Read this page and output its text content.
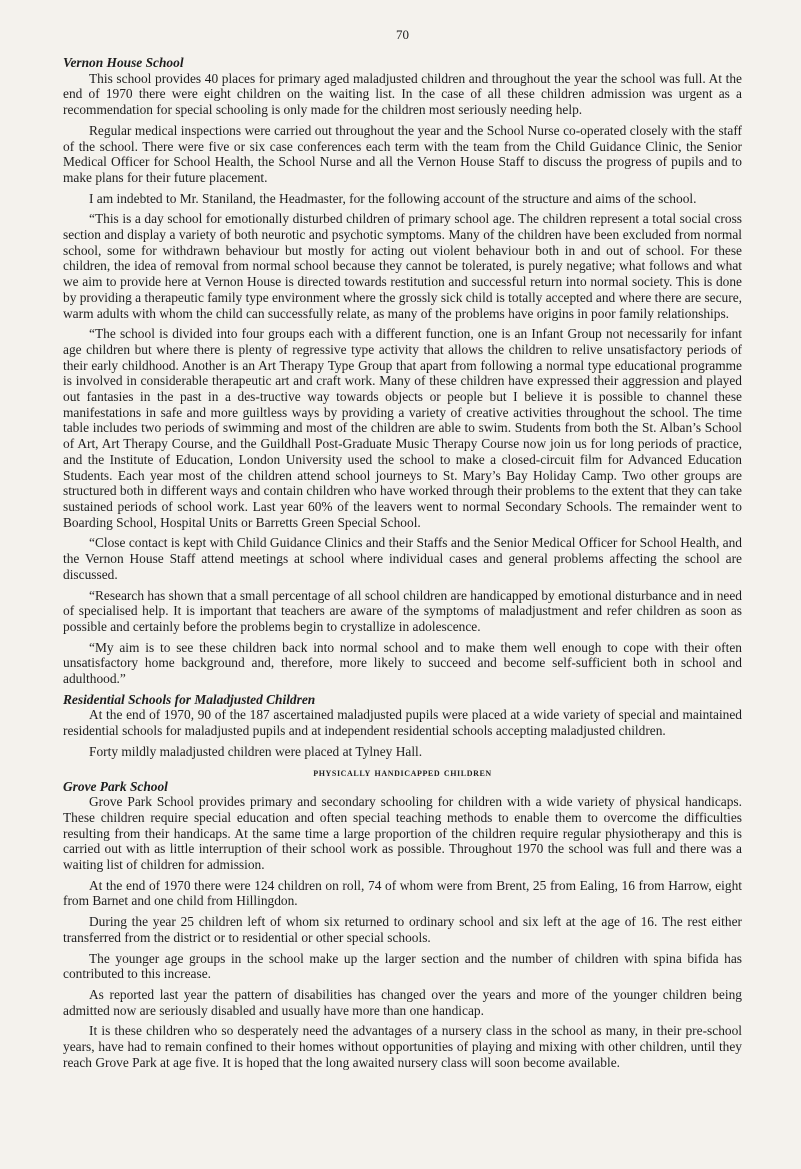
70
Vernon House School

This school provides 40 places for primary aged maladjusted children and throughout the year the school was full. At the end of 1970 there were eight children on the waiting list. In the case of all these children admission was urgent as a recommendation for special schooling is only made for the children most seriously needing help.

Regular medical inspections were carried out throughout the year and the School Nurse co-operated closely with the staff of the school. There were five or six case conferences each term with the team from the Child Guidance Clinic, the Senior Medical Officer for School Health, the School Nurse and all the Vernon House Staff to discuss the progress of pupils and to make plans for their future placement.

I am indebted to Mr. Staniland, the Headmaster, for the following account of the structure and aims of the school.

“This is a day school for emotionally disturbed children of primary school age. The children represent a total social cross section and display a variety of both neurotic and psychotic symptoms. Many of the children have been excluded from normal school, some for withdrawn behaviour but mostly for acting out violent behaviour both in and out of school. For these children, the idea of removal from normal school because they cannot be tolerated, is purely negative; what follows and what we aim to provide here at Vernon House is directed towards restitution and successful return into normal society. This is done by providing a therapeutic family type environment where the grossly sick child is totally accepted and where there are secure, warm adults with whom the child can successfully relate, as many of the problems have origins in poor family relationships.

“The school is divided into four groups each with a different function, one is an Infant Group not necessarily for infant age children but where there is plenty of regressive type activity that allows the children to relive unsatisfactory periods of their early childhood. Another is an Art Therapy Type Group that apart from following a normal type educational programme is involved in considerable therapeutic art and craft work. Many of these children have expressed their aggression and played out fantasies in the past in a des-tructive way towards objects or people but I believe it is possible to channel these manifestations in safe and more guiltless ways by providing a variety of creative activities throughout the school. The time table includes two periods of swimming and most of the children are able to swim. Students from both the St. Alban’s School of Art, Art Therapy Course, and the Guildhall Post-Graduate Music Therapy Course now join us for long periods of practice, and the Institute of Education, London University used the school to make a closed-circuit film for Advanced Education Students. Each year most of the children attend school journeys to St. Mary’s Bay Holiday Camp. Two other groups are structured both in different ways and contain children who have worked through their problems to the extent that they can take sustained periods of school work. Last year 60% of the leavers went to normal Secondary Schools. The remainder went to Boarding School, Hospital Units or Barretts Green Special School.

“Close contact is kept with Child Guidance Clinics and their Staffs and the Senior Medical Officer for School Health, and the Vernon House Staff attend meetings at school where individual cases and general problems affecting the school are discussed.

“Research has shown that a small percentage of all school children are handicapped by emotional disturbance and in need of specialised help. It is important that teachers are aware of the symptoms of maladjustment and refer children as soon as possible and certainly before the problems begin to crystallize in adolescence.

“My aim is to see these children back into normal school and to make them well enough to cope with their often unsatisfactory home background and, therefore, more likely to succeed and become self-sufficient both in school and adulthood.”

Residential Schools for Maladjusted Children

At the end of 1970, 90 of the 187 ascertained maladjusted pupils were placed at a wide variety of special and maintained residential schools for maladjusted pupils and at independent residential schools accepting maladjusted children.

Forty mildly maladjusted children were placed at Tylney Hall.

physically handicapped children
Grove Park School

Grove Park School provides primary and secondary schooling for children with a wide variety of physical handicaps. These children require special education and often special teaching methods to enable them to overcome the difficulties resulting from their handicaps. At the same time a large proportion of the children require regular physiotherapy and this is carried out with as little interruption of their school work as possible. Throughout 1970 the school was full and there was a waiting list of children for admission.

At the end of 1970 there were 124 children on roll, 74 of whom were from Brent, 25 from Ealing, 16 from Harrow, eight from Barnet and one child from Hillingdon.

During the year 25 children left of whom six returned to ordinary school and six left at the age of 16. The rest either transferred from the district or to residential or other special schools.

The younger age groups in the school make up the larger section and the number of children with spina bifida has contributed to this increase.

As reported last year the pattern of disabilities has changed over the years and more of the younger children being admitted now are seriously disabled and usually have more than one handicap.

It is these children who so desperately need the advantages of a nursery class in the school as many, in their pre-school years, have had to remain confined to their homes without opportunities of playing and mixing with other children, until they reach Grove Park at age five. It is hoped that the long awaited nursery class will soon become available.
